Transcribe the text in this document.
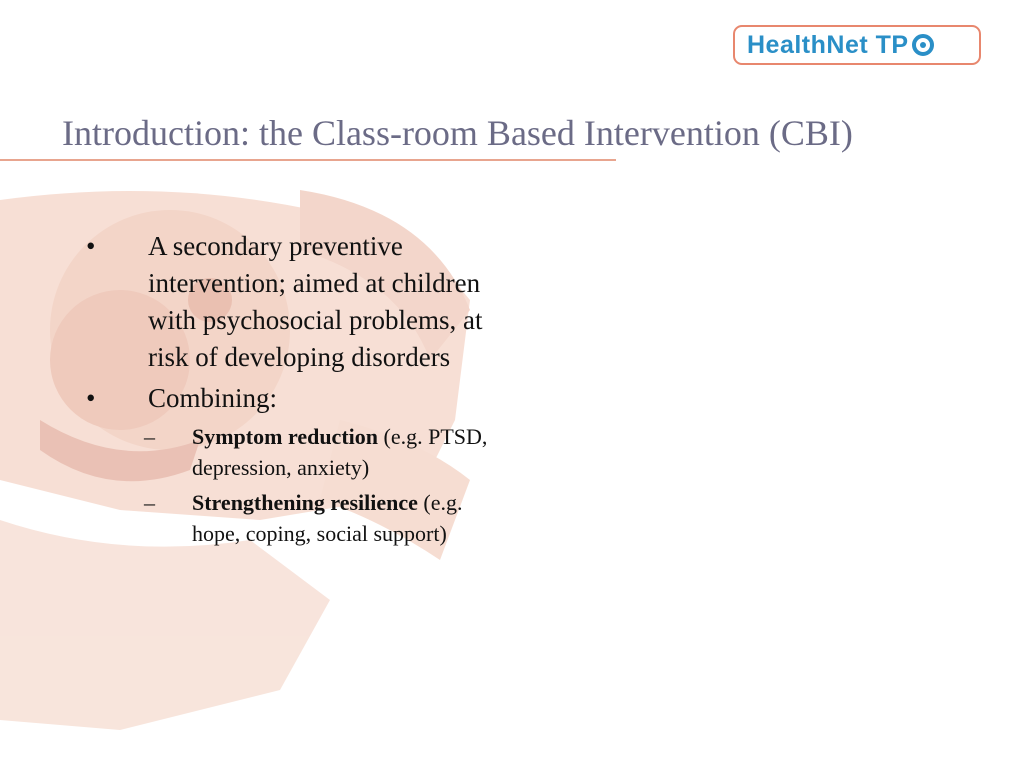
HealthNet TP
Introduction: the Class-room Based Intervention (CBI)
•	A secondary preventive intervention; aimed at children with psychosocial problems, at risk of developing disorders
•	Combining:
–	Symptom reduction (e.g. PTSD, depression, anxiety)
–	Strengthening resilience (e.g. hope, coping, social support)
